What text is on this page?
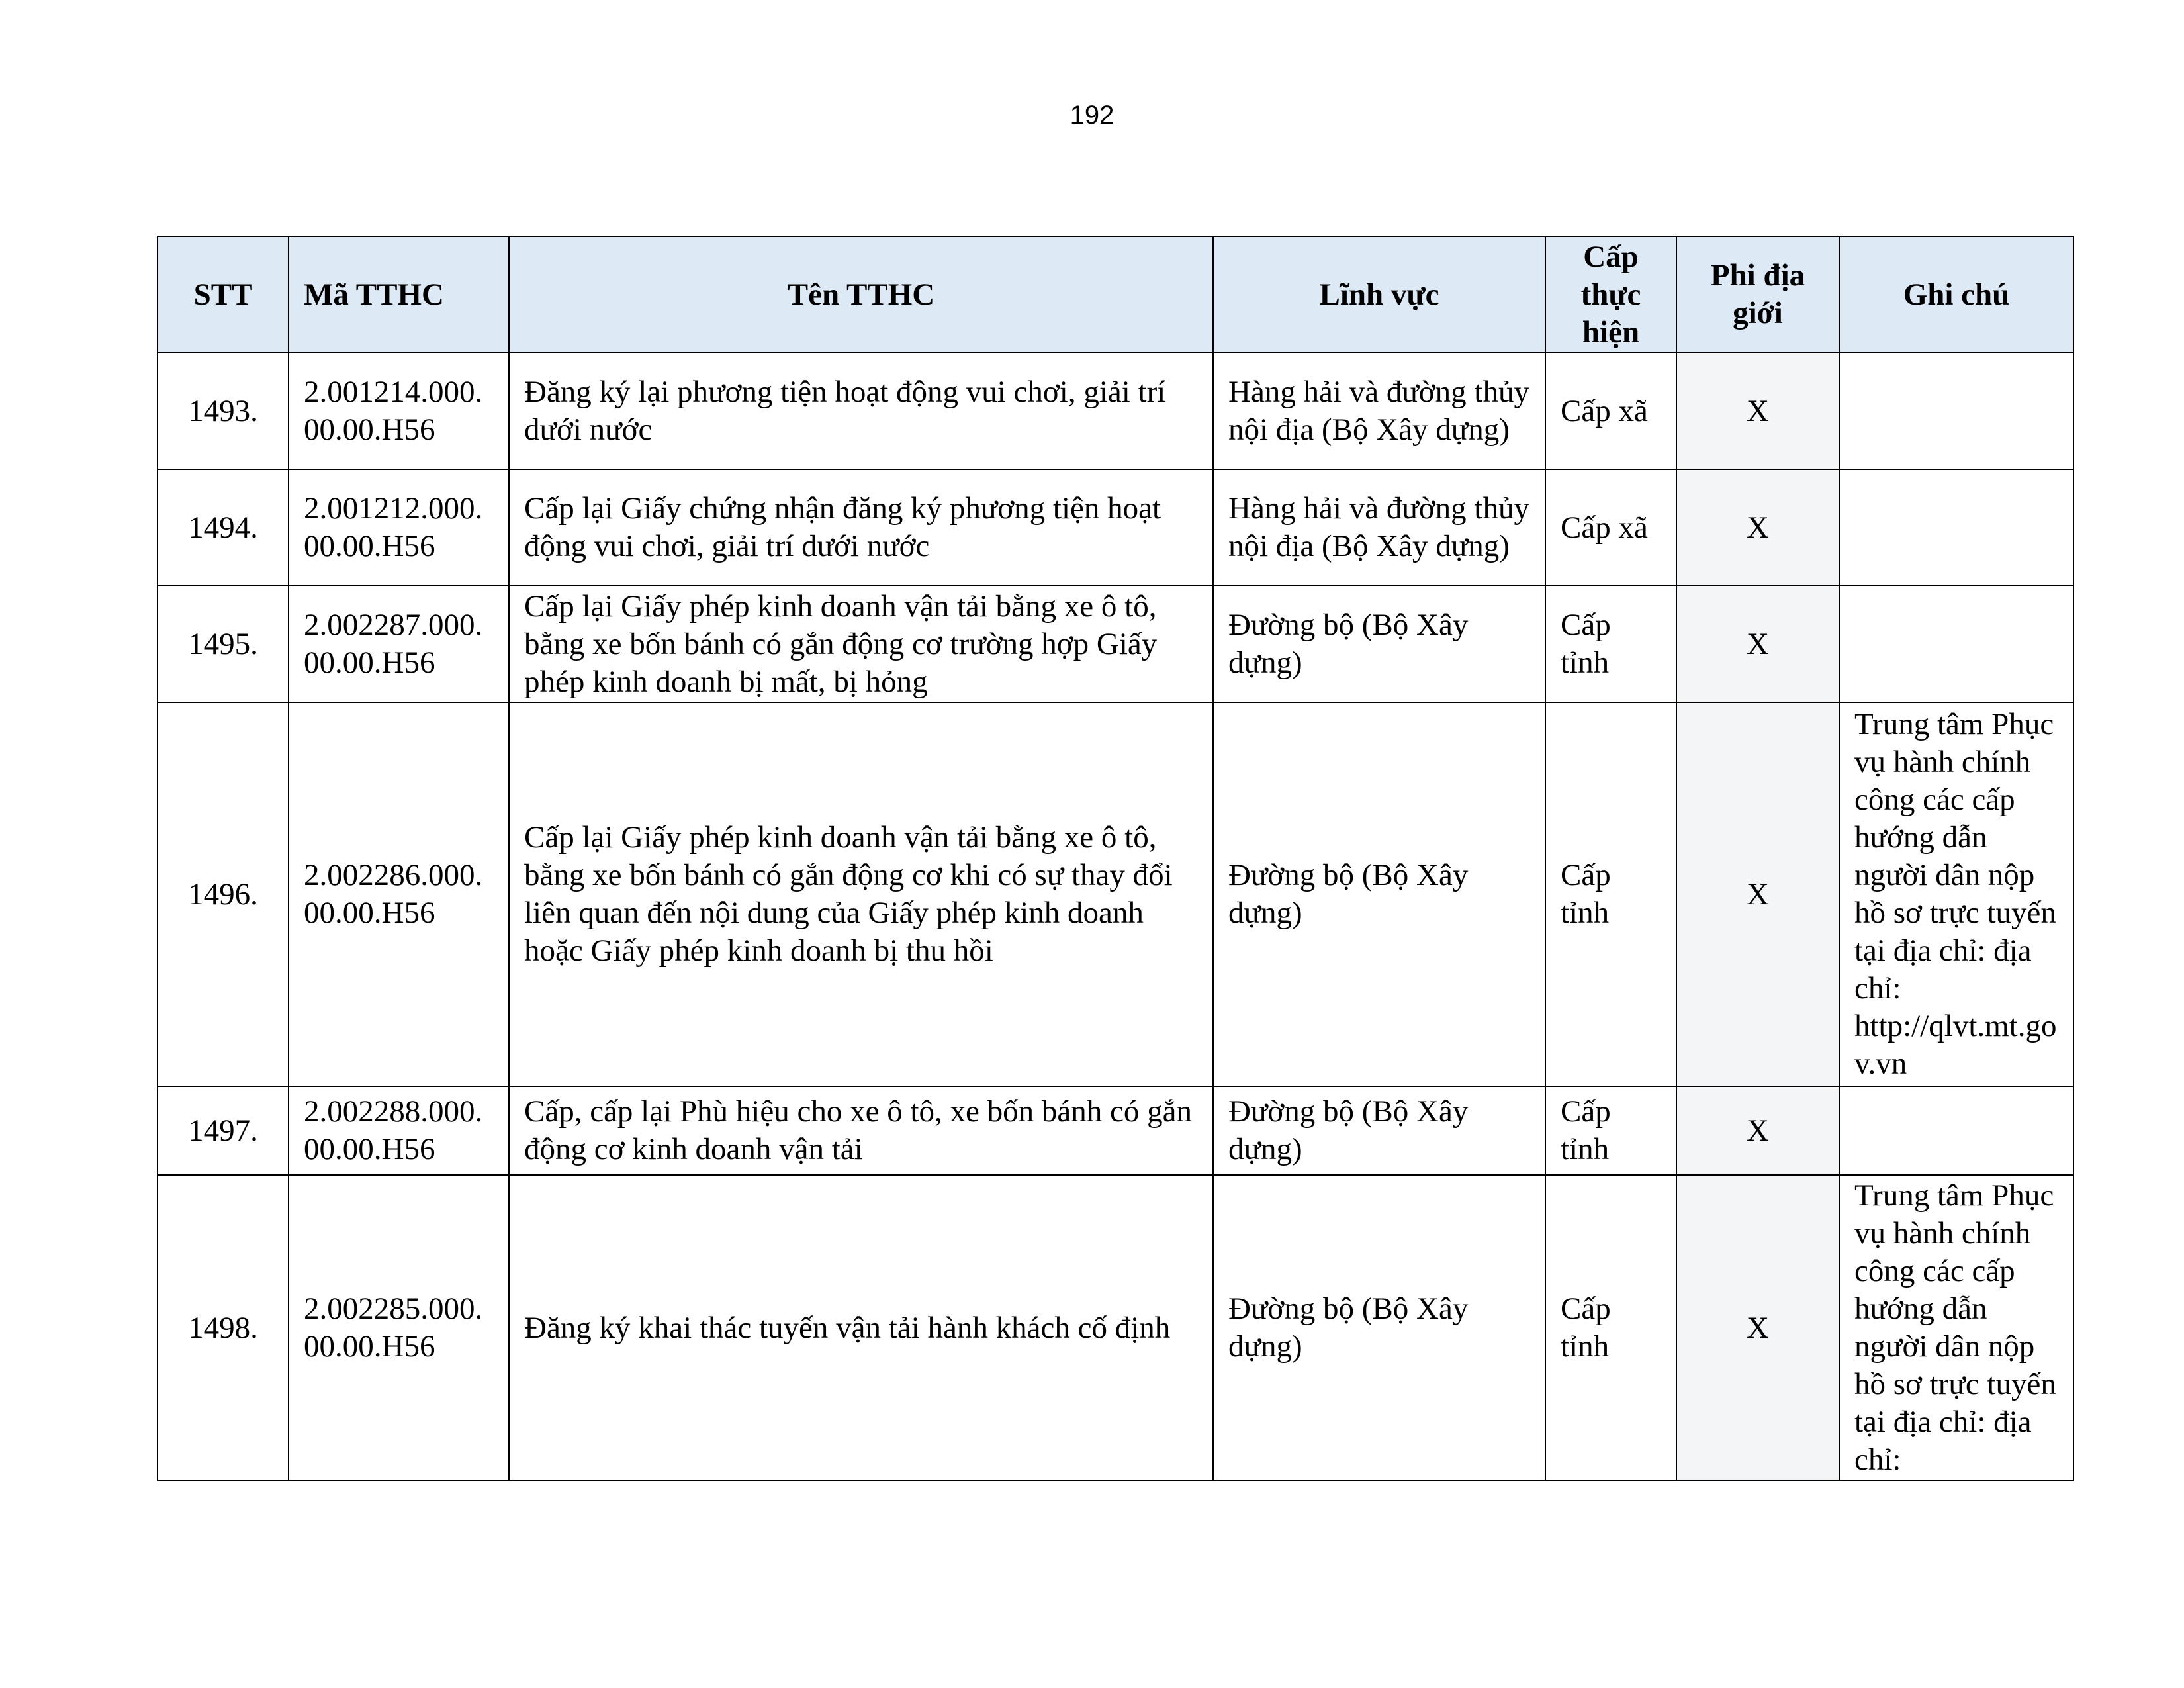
192
STT	Mã TTHC	Tên TTHC	Lĩnh vực	Cấp thực hiện	Phi địa giới	Ghi chú
1493.	2.001214.000.00.00.H56	Đăng ký lại phương tiện hoạt động vui chơi, giải trí dưới nước	Hàng hải và đường thủy nội địa (Bộ Xây dựng)	Cấp xã	X	
1494.	2.001212.000.00.00.H56	Cấp lại Giấy chứng nhận đăng ký phương tiện hoạt động vui chơi, giải trí dưới nước	Hàng hải và đường thủy nội địa (Bộ Xây dựng)	Cấp xã	X	
1495.	2.002287.000.00.00.H56	Cấp lại Giấy phép kinh doanh vận tải bằng xe ô tô, bằng xe bốn bánh có gắn động cơ trường hợp Giấy phép kinh doanh bị mất, bị hỏng	Đường bộ (Bộ Xây dựng)	Cấp tỉnh	X	
1496.	2.002286.000.00.00.H56	Cấp lại Giấy phép kinh doanh vận tải bằng xe ô tô, bằng xe bốn bánh có gắn động cơ khi có sự thay đổi liên quan đến nội dung của Giấy phép kinh doanh hoặc Giấy phép kinh doanh bị thu hồi	Đường bộ (Bộ Xây dựng)	Cấp tỉnh	X	Trung tâm Phục vụ hành chính công các cấp hướng dẫn người dân nộp hồ sơ trực tuyến tại địa chỉ: địa chỉ: http://qlvt.mt.gov.vn
1497.	2.002288.000.00.00.H56	Cấp, cấp lại Phù hiệu cho xe ô tô, xe bốn bánh có gắn động cơ kinh doanh vận tải	Đường bộ (Bộ Xây dựng)	Cấp tỉnh	X	
1498.	2.002285.000.00.00.H56	Đăng ký khai thác tuyến vận tải hành khách cố định	Đường bộ (Bộ Xây dựng)	Cấp tỉnh	X	Trung tâm Phục vụ hành chính công các cấp hướng dẫn người dân nộp hồ sơ trực tuyến tại địa chỉ: địa chỉ:
